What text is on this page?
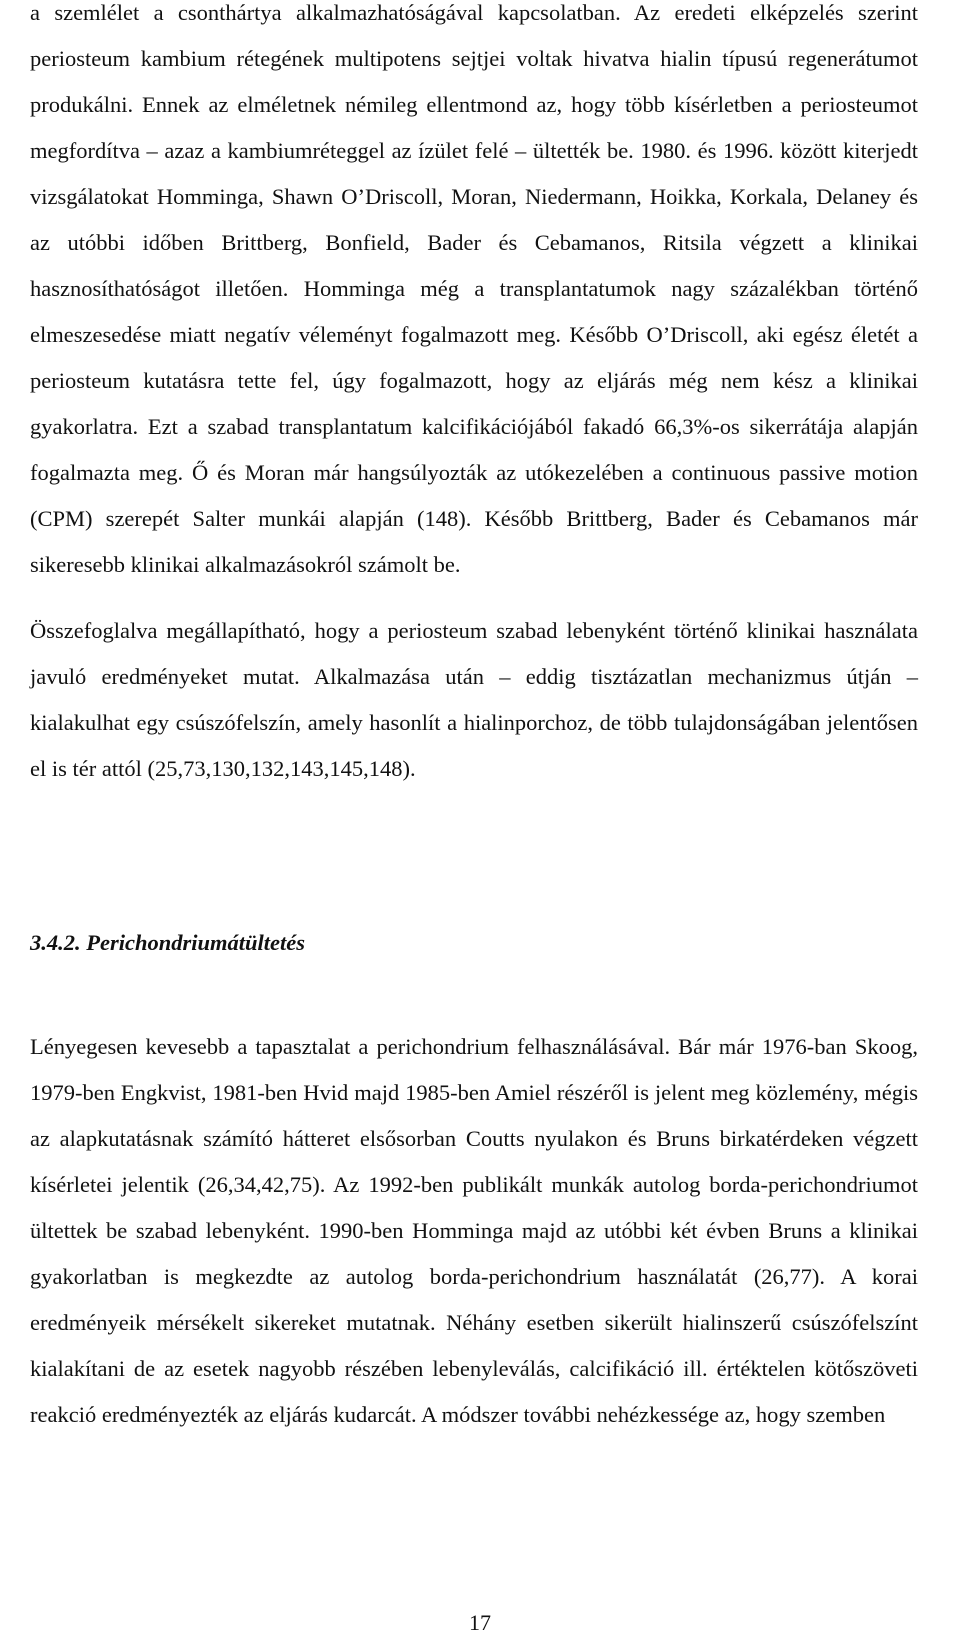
a szemlélet a csonthártya alkalmazhatóságával kapcsolatban. Az eredeti elképzelés szerint periosteum kambium rétegének multipotens sejtjei voltak hivatva hialin típusú regenerátumot produkálni. Ennek az elméletnek némileg ellentmond az, hogy több kísérletben a periosteumot megfordítva – azaz a kambiumréteggel az ízület felé – ültették be. 1980. és 1996. között kiterjedt vizsgálatokat Homminga, Shawn O’Driscoll, Moran, Niedermann, Hoikka, Korkala, Delaney és az utóbbi időben Brittberg, Bonfield, Bader és Cebamanos, Ritsila végzett a klinikai hasznosíthatóságot illetően. Homminga még a transplantatumok nagy százalékban történő elmeszesedése miatt negatív véleményt fogalmazott meg. Később O’Driscoll, aki egész életét a periosteum kutatásra tette fel, úgy fogalmazott, hogy az eljárás még nem kész a klinikai gyakorlatra. Ezt a szabad transplantatum kalcifikációjából fakadó 66,3%-os sikerrátája alapján fogalmazta meg. Ő és Moran már hangsúlyozták az utókezelében a continuous passive motion (CPM) szerepét Salter munkái alapján (148). Később Brittberg, Bader és Cebamanos már sikeresebb klinikai alkalmazásokról számolt be.

Összefoglalva megállapítható, hogy a periosteum szabad lebenyként történő klinikai használata javuló eredményeket mutat. Alkalmazása után – eddig tisztázatlan mechanizmus útján – kialakulhat egy csúszófelszín, amely hasonlít a hialinporchoz, de több tulajdonságában jelentősen el is tér attól (25,73,130,132,143,145,148).

3.4.2. Perichondriumátültetés

Lényegesen kevesebb a tapasztalat a perichondrium felhasználásával. Bár már 1976-ban Skoog, 1979-ben Engkvist, 1981-ben Hvid majd 1985-ben Amiel részéről is jelent meg közlemény, mégis az alapkutatásnak számító hátteret elsősorban Coutts nyulakon és Bruns birkatérdeken végzett kísérletei jelentik (26,34,42,75). Az 1992-ben publikált munkák autolog borda-perichondriumot ültettek be szabad lebenyként. 1990-ben Homminga majd az utóbbi két évben Bruns a klinikai gyakorlatban is megkezdte az autolog borda-perichondrium használatát (26,77). A korai eredményeik mérsékelt sikereket mutatnak. Néhány esetben sikerült hialinszerű csúszófelszínt kialakítani de az esetek nagyobb részében lebenyleválás, calcifikáció ill. értéktelen kötőszöveti reakció eredményezték az eljárás kudarcát. A módszer további nehézkessége az, hogy szemben

17
